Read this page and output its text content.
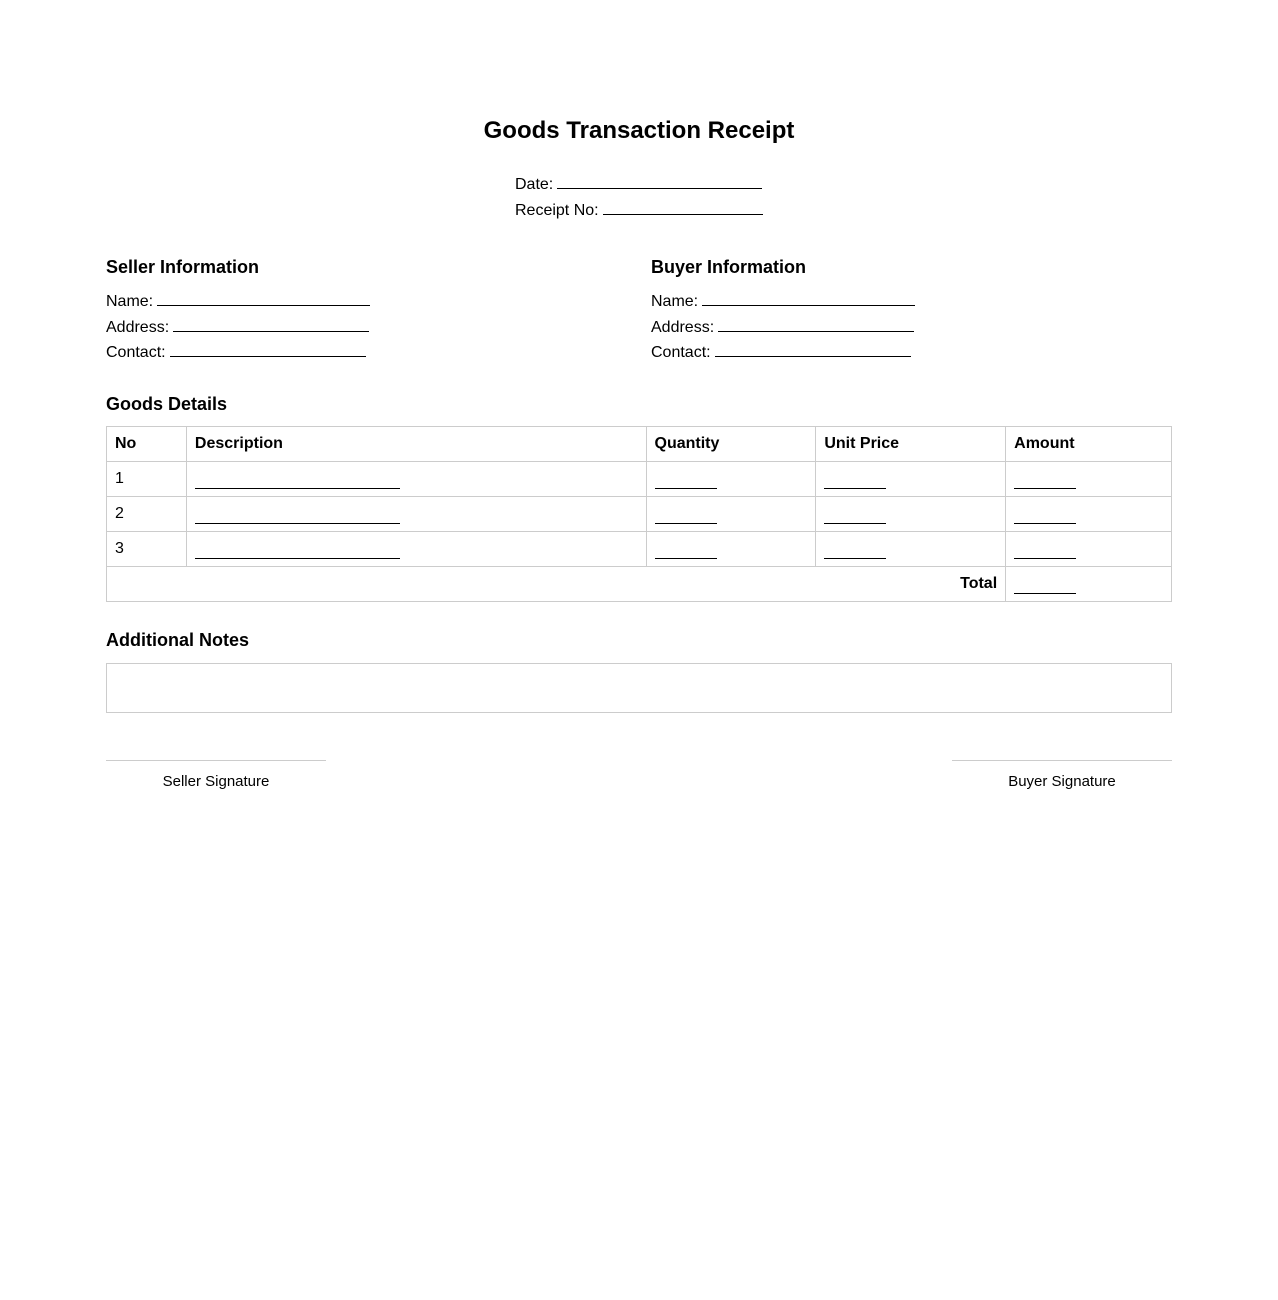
Goods Transaction Receipt
Date:
Receipt No:
Seller Information
Name:
Address:
Contact:
Buyer Information
Name:
Address:
Contact:
Goods Details
No	Description	Quantity	Unit Price	Amount
1				
2				
3				
Total				
Additional Notes
Seller Signature	Buyer Signature
